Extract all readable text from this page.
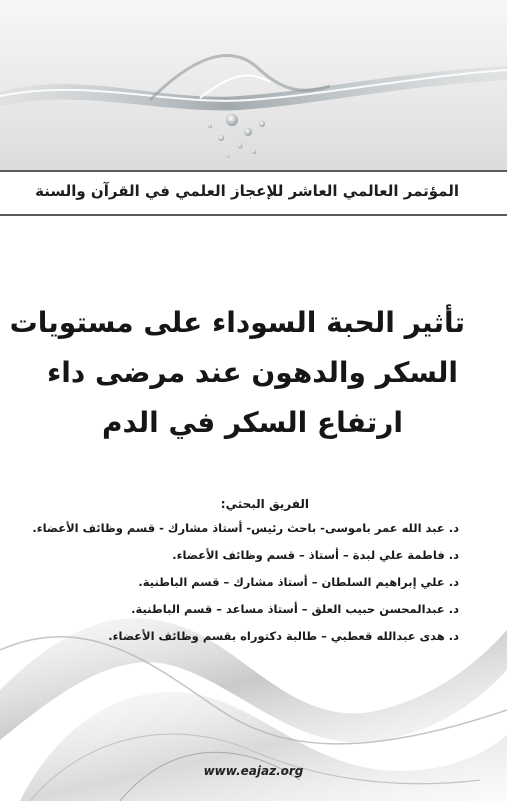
المؤتمر العالمي العاشر للإعجاز العلمي في القرآن والسنة
تأثير الحبة السوداء على مستويات
السكر والدهون عند مرضى داء
ارتفاع السكر في الدم
الفريق البحثي:
د. عبد الله عمر باموسى- باحث رئيس- أستاذ مشارك - قسم وظائف الأعضاء.
د. فاطمة علي لبدة – أستاذ – قسم وظائف الأعضاء.
د. علي إبراهيم السلطان – أستاذ مشارك – قسم الباطنية.
د. عبدالمحسن حبيب العلق – أستاذ مساعد – قسم الباطنية.
د. هدى عبدالله قعطبي – طالبة دكتوراه بقسم وظائف الأعضاء.
www.eajaz.org
